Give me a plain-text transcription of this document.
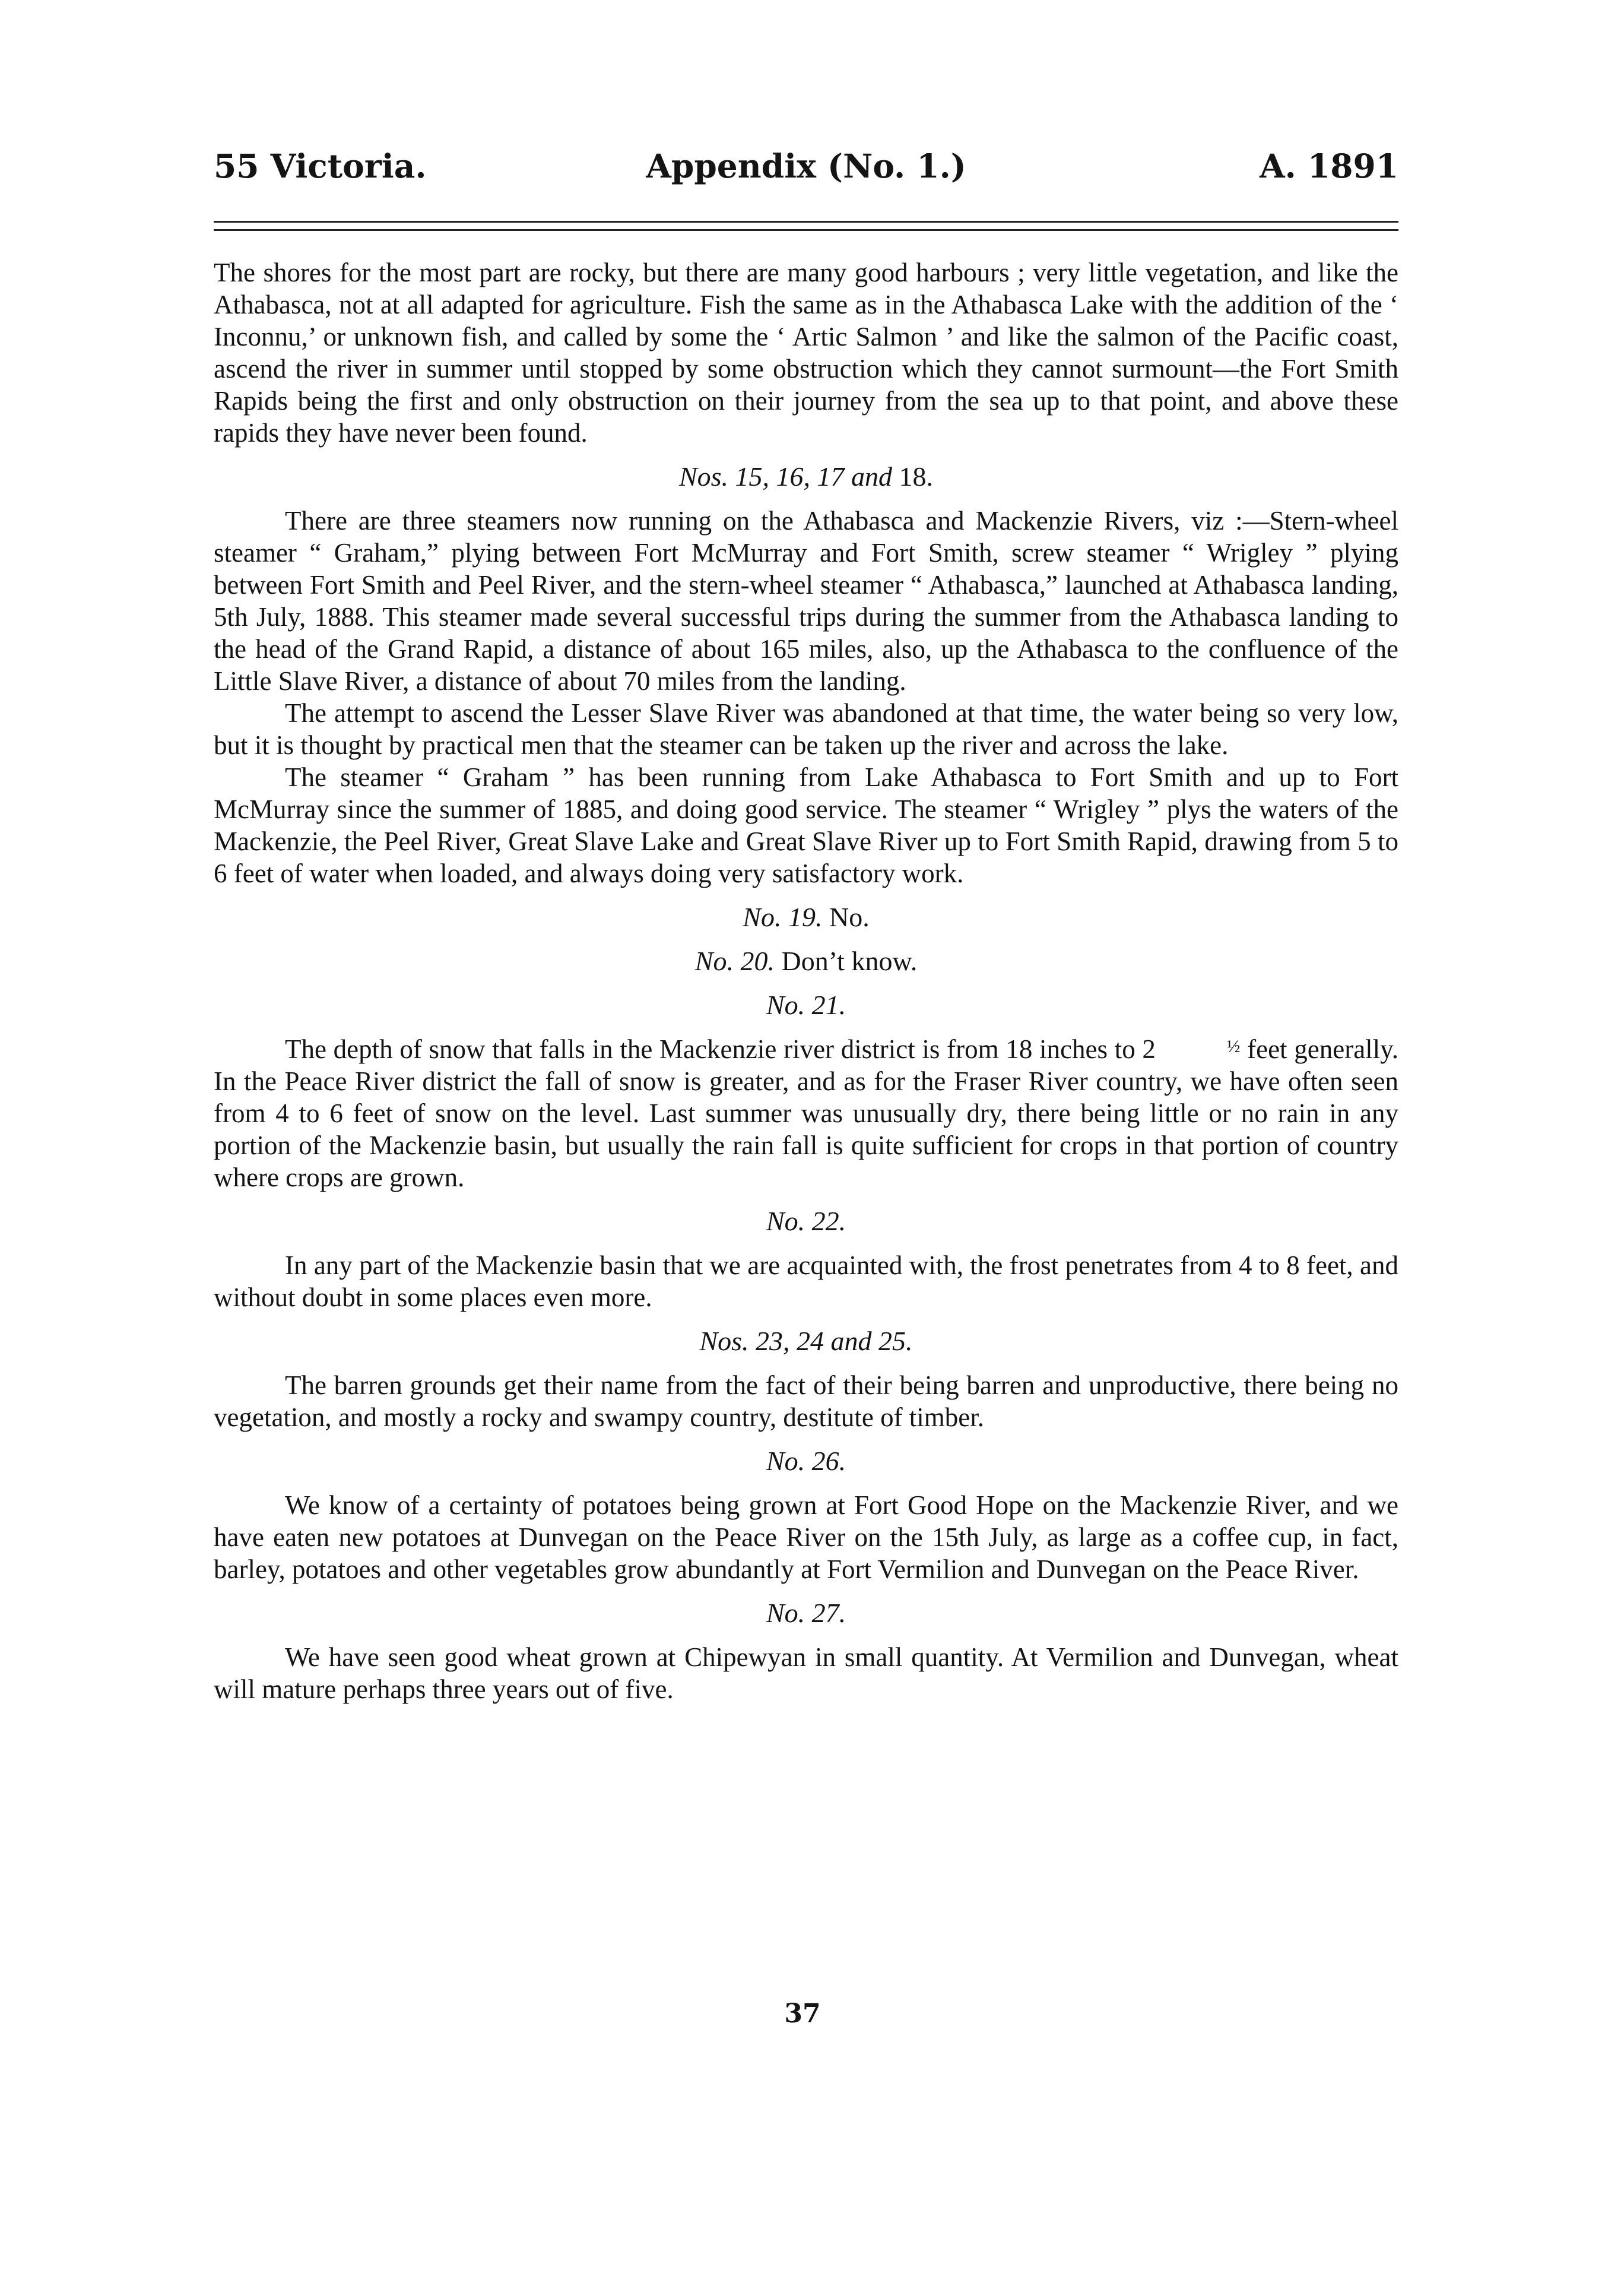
55 Victoria.	Appendix (No. 1.)	A. 1891

The shores for the most part are rocky, but there are many good harbours ; very little vegetation, and like the Athabasca, not at all adapted for agriculture. Fish the same as in the Athabasca Lake with the addition of the ‘ Inconnu,’ or unknown fish, and called by some the ‘ Artic Salmon ’ and like the salmon of the Pacific coast, ascend the river in summer until stopped by some obstruction which they cannot surmount—the Fort Smith Rapids being the first and only obstruction on their journey from the sea up to that point, and above these rapids they have never been found.

Nos. 15, 16, 17 and 18.

There are three steamers now running on the Athabasca and Mackenzie Rivers, viz :—Stern-wheel steamer “ Graham,” plying between Fort McMurray and Fort Smith, screw steamer “ Wrigley ” plying between Fort Smith and Peel River, and the stern-wheel steamer “ Athabasca,” launched at Athabasca landing, 5th July, 1888. This steamer made several successful trips during the summer from the Athabasca landing to the head of the Grand Rapid, a distance of about 165 miles, also, up the Athabasca to the confluence of the Little Slave River, a distance of about 70 miles from the landing.

The attempt to ascend the Lesser Slave River was abandoned at that time, the water being so very low, but it is thought by practical men that the steamer can be taken up the river and across the lake.

The steamer “ Graham ” has been running from Lake Athabasca to Fort Smith and up to Fort McMurray since the summer of 1885, and doing good service. The steamer “ Wrigley ” plys the waters of the Mackenzie, the Peel River, Great Slave Lake and Great Slave River up to Fort Smith Rapid, drawing from 5 to 6 feet of water when loaded, and always doing very satisfactory work.

No. 19. No.
No. 20. Don’t know.
No. 21.

The depth of snow that falls in the Mackenzie river district is from 18 inches to 2	½ feet generally. In the Peace River district the fall of snow is greater, and as for the Fraser River country, we have often seen from 4 to 6 feet of snow on the level. Last summer was unusually dry, there being little or no rain in any portion of the Mackenzie basin, but usually the rain fall is quite sufficient for crops in that portion of country where crops are grown.

No. 22.

In any part of the Mackenzie basin that we are acquainted with, the frost penetrates from 4 to 8 feet, and without doubt in some places even more.

Nos. 23, 24 and 25.

The barren grounds get their name from the fact of their being barren and unproductive, there being no vegetation, and mostly a rocky and swampy country, destitute of timber.

No. 26.

We know of a certainty of potatoes being grown at Fort Good Hope on the Mackenzie River, and we have eaten new potatoes at Dunvegan on the Peace River on the 15th July, as large as a coffee cup, in fact, barley, potatoes and other vegetables grow abundantly at Fort Vermilion and Dunvegan on the Peace River.

No. 27.

We have seen good wheat grown at Chipewyan in small quantity. At Vermilion and Dunvegan, wheat will mature perhaps three years out of five.

37
